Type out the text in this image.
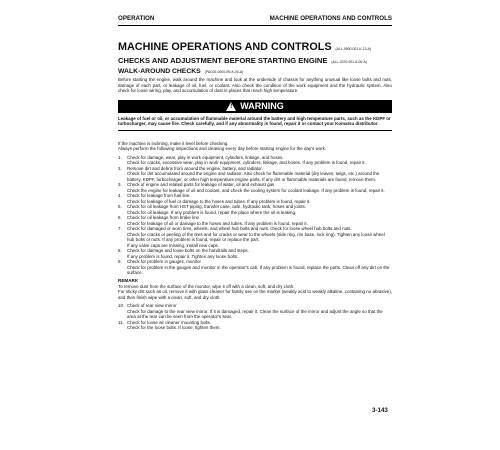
OPERATION	MACHINE OPERATIONS AND CONTROLS
MACHINE OPERATIONS AND CONTROLS (ALL-0900-001-K-13-A)
CHECKS AND ADJUSTMENT BEFORE STARTING ENGINE (ALL-3370-001-A-00-A)
WALK-AROUND CHECKS (PAC00-0000-0N-K-00-A)

Before starting the engine, walk around the machine and look at the underside of chassis for anything unusual like loose bolts and nuts, damage of each part, or leakage of oil, fuel, or coolant. Also check the condition of the work equipment and the hydraulic system. Also check for loose wiring, play, and accumulation of dust in places that reach high temperature.

! WARNING
Leakage of fuel or oil, or accumulation of flammable material around the battery and high temperature parts, such as the KDPF or turbocharger, may cause fire. Check carefully, and if any abnormality is found, repair it or contact your Komatsu distributor.

If the machine is inclining, make it level before checking.

Always perform the following inspections and cleaning every day before starting engine for the day's work.

1. Check for damage, wear, play in work equipment, cylinders, linkage, and hoses.
Check for cracks, excessive wear, play in work equipment, cylinders, linkage, and hoses. If any problem is found, repair it.
2. Remove dirt and debris from around the engine, battery, and radiator.
Check for dirt accumulated around the engine and radiator. Also check for flammable material (dry leaves, twigs, etc.) around the battery, KDPF, turbocharger, or other high temperature engine parts. If any dirt or flammable materials are found, remove them.
3. Check of engine and related parts for leakage of water, oil and exhaust gas
Check the engine for leakage of oil and coolant, and check the cooling system for coolant leakage. If any problem is found, repair it.
4. Check for leakage from fuel line.
Check for leakage of fuel or damage to the hoses and tubes. If any problem is found, repair it.
5. Check for oil leakage from HST piping, transfer case, axle, hydraulic tank, hoses and joints.
Check for oil leakage. If any problem is found, repair the place where the oil is leaking.
6. Check for oil leakage from brake line
Check for leakage of oil or damage to the hoses and tubes. If any problem is found, repair it.
7. Check for damaged or worn tires, wheels, and wheel hub bolts and nuts, check for loose wheel hub bolts and nuts.
Check for cracks or peeling of the tires and for cracks or wear to the wheels (side ring, rim base, lock ring). Tighten any loose wheel hub bolts or nuts. If any problem is found, repair or replace the part.
If any valve caps are missing, install new caps.
8. Check for damage and loose bolts on the handrails and steps.
If any problem is found, repair it. Tighten any loose bolts.
9. Check for problem in gauges, monitor
Check for problem in the gauges and monitor in the operator's cab. If any problem is found, replace the parts. Clean off any dirt on the surface.
REMARK
To remove dust from the surface of the monitor, wipe it off with a clean, soft, and dry cloth.
For sticky dirt such as oil, remove it with glass cleaner for family use on the market (weakly acid to weakly alkaline, containing no abrasive), and then finish wipe with a clean, soft, and dry cloth.
10. Check of rear view mirror
Check for damage to the rear view mirror. If it is damaged, repair it. Clean the surface of the mirror and adjust the angle so that the area at the rear can be seen from the operator's seat.
11. Check for loose air cleaner mounting bolts.
Check for the loose bolts. If loose, tighten them.
3-143
